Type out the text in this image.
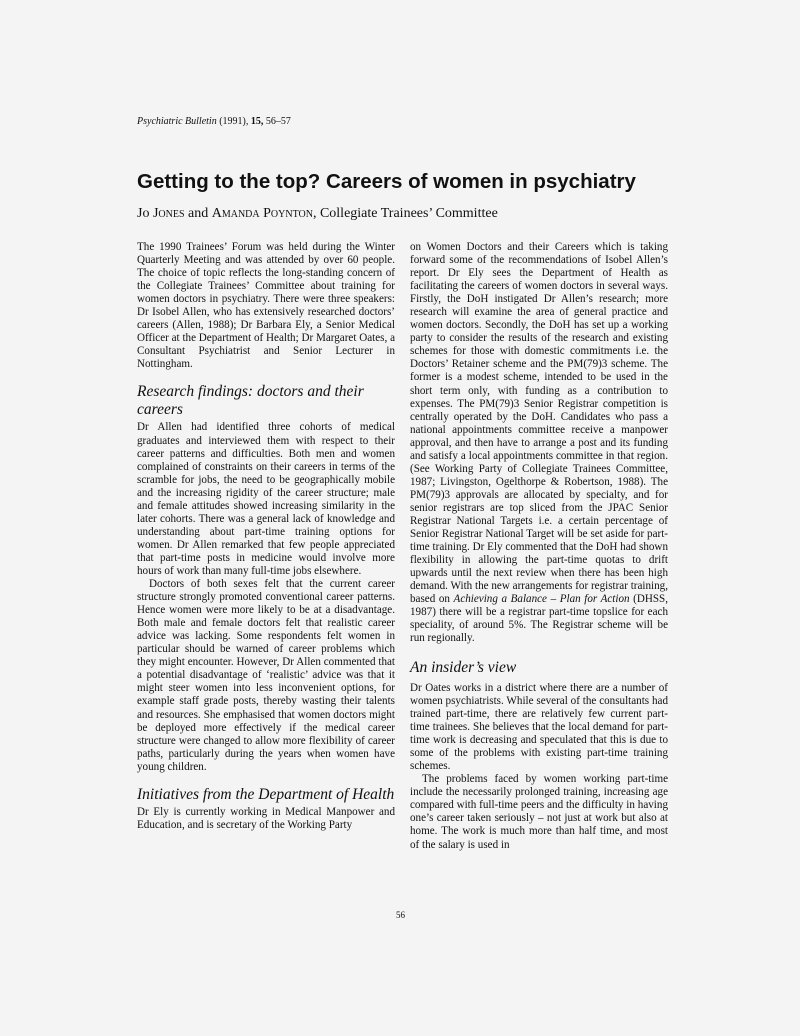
Psychiatric Bulletin (1991), 15, 56–57
Getting to the top? Careers of women in psychiatry
Jo Jones and Amanda Poynton, Collegiate Trainees’ Committee

The 1990 Trainees’ Forum was held during the Winter Quarterly Meeting and was attended by over 60 people. The choice of topic reflects the long-standing concern of the Collegiate Trainees’ Committee about training for women doctors in psychiatry. There were three speakers: Dr Isobel Allen, who has extensively researched doctors’ careers (Allen, 1988); Dr Barbara Ely, a Senior Medical Officer at the Department of Health; Dr Margaret Oates, a Consultant Psychiatrist and Senior Lecturer in Nottingham.

Research findings: doctors and their careers

Dr Allen had identified three cohorts of medical graduates and interviewed them with respect to their career patterns and difficulties. Both men and women complained of constraints on their careers in terms of the scramble for jobs, the need to be geographically mobile and the increasing rigidity of the career structure; male and female attitudes showed increasing similarity in the later cohorts. There was a general lack of knowledge and understanding about part-time training options for women. Dr Allen remarked that few people appreciated that part-time posts in medicine would involve more hours of work than many full-time jobs elsewhere.

Doctors of both sexes felt that the current career structure strongly promoted conventional career patterns. Hence women were more likely to be at a disadvantage. Both male and female doctors felt that realistic career advice was lacking. Some respondents felt women in particular should be warned of career problems which they might encounter. However, Dr Allen commented that a potential disadvantage of ‘realistic’ advice was that it might steer women into less inconvenient options, for example staff grade posts, thereby wasting their talents and resources. She emphasised that women doctors might be deployed more effectively if the medical career structure were changed to allow more flexibility of career paths, particularly during the years when women have young children.

Initiatives from the Department of Health

Dr Ely is currently working in Medical Manpower and Education, and is secretary of the Working Party

on Women Doctors and their Careers which is taking forward some of the recommendations of Isobel Allen’s report. Dr Ely sees the Department of Health as facilitating the careers of women doctors in several ways. Firstly, the DoH instigated Dr Allen’s research; more research will examine the area of general practice and women doctors. Secondly, the DoH has set up a working party to consider the results of the research and existing schemes for those with domestic commitments i.e. the Doctors’ Retainer scheme and the PM(79)3 scheme. The former is a modest scheme, intended to be used in the short term only, with funding as a contribution to expenses. The PM(79)3 Senior Registrar competition is centrally operated by the DoH. Candidates who pass a national appointments committee receive a manpower approval, and then have to arrange a post and its funding and satisfy a local appointments committee in that region. (See Working Party of Collegiate Trainees Committee, 1987; Livingston, Ogelthorpe & Robertson, 1988). The PM(79)3 approvals are allocated by specialty, and for senior registrars are top sliced from the JPAC Senior Registrar National Targets i.e. a certain percentage of Senior Registrar National Target will be set aside for part-time training. Dr Ely commented that the DoH had shown flexibility in allowing the part-time quotas to drift upwards until the next review when there has been high demand. With the new arrangements for registrar training, based on Achieving a Balance – Plan for Action (DHSS, 1987) there will be a registrar part-time topslice for each speciality, of around 5%. The Registrar scheme will be run regionally.

An insider’s view

Dr Oates works in a district where there are a number of women psychiatrists. While several of the consultants had trained part-time, there are relatively few current part-time trainees. She believes that the local demand for part-time work is decreasing and speculated that this is due to some of the problems with existing part-time training schemes.

The problems faced by women working part-time include the necessarily prolonged training, increasing age compared with full-time peers and the difficulty in having one’s career taken seriously – not just at work but also at home. The work is much more than half time, and most of the salary is used in

56
